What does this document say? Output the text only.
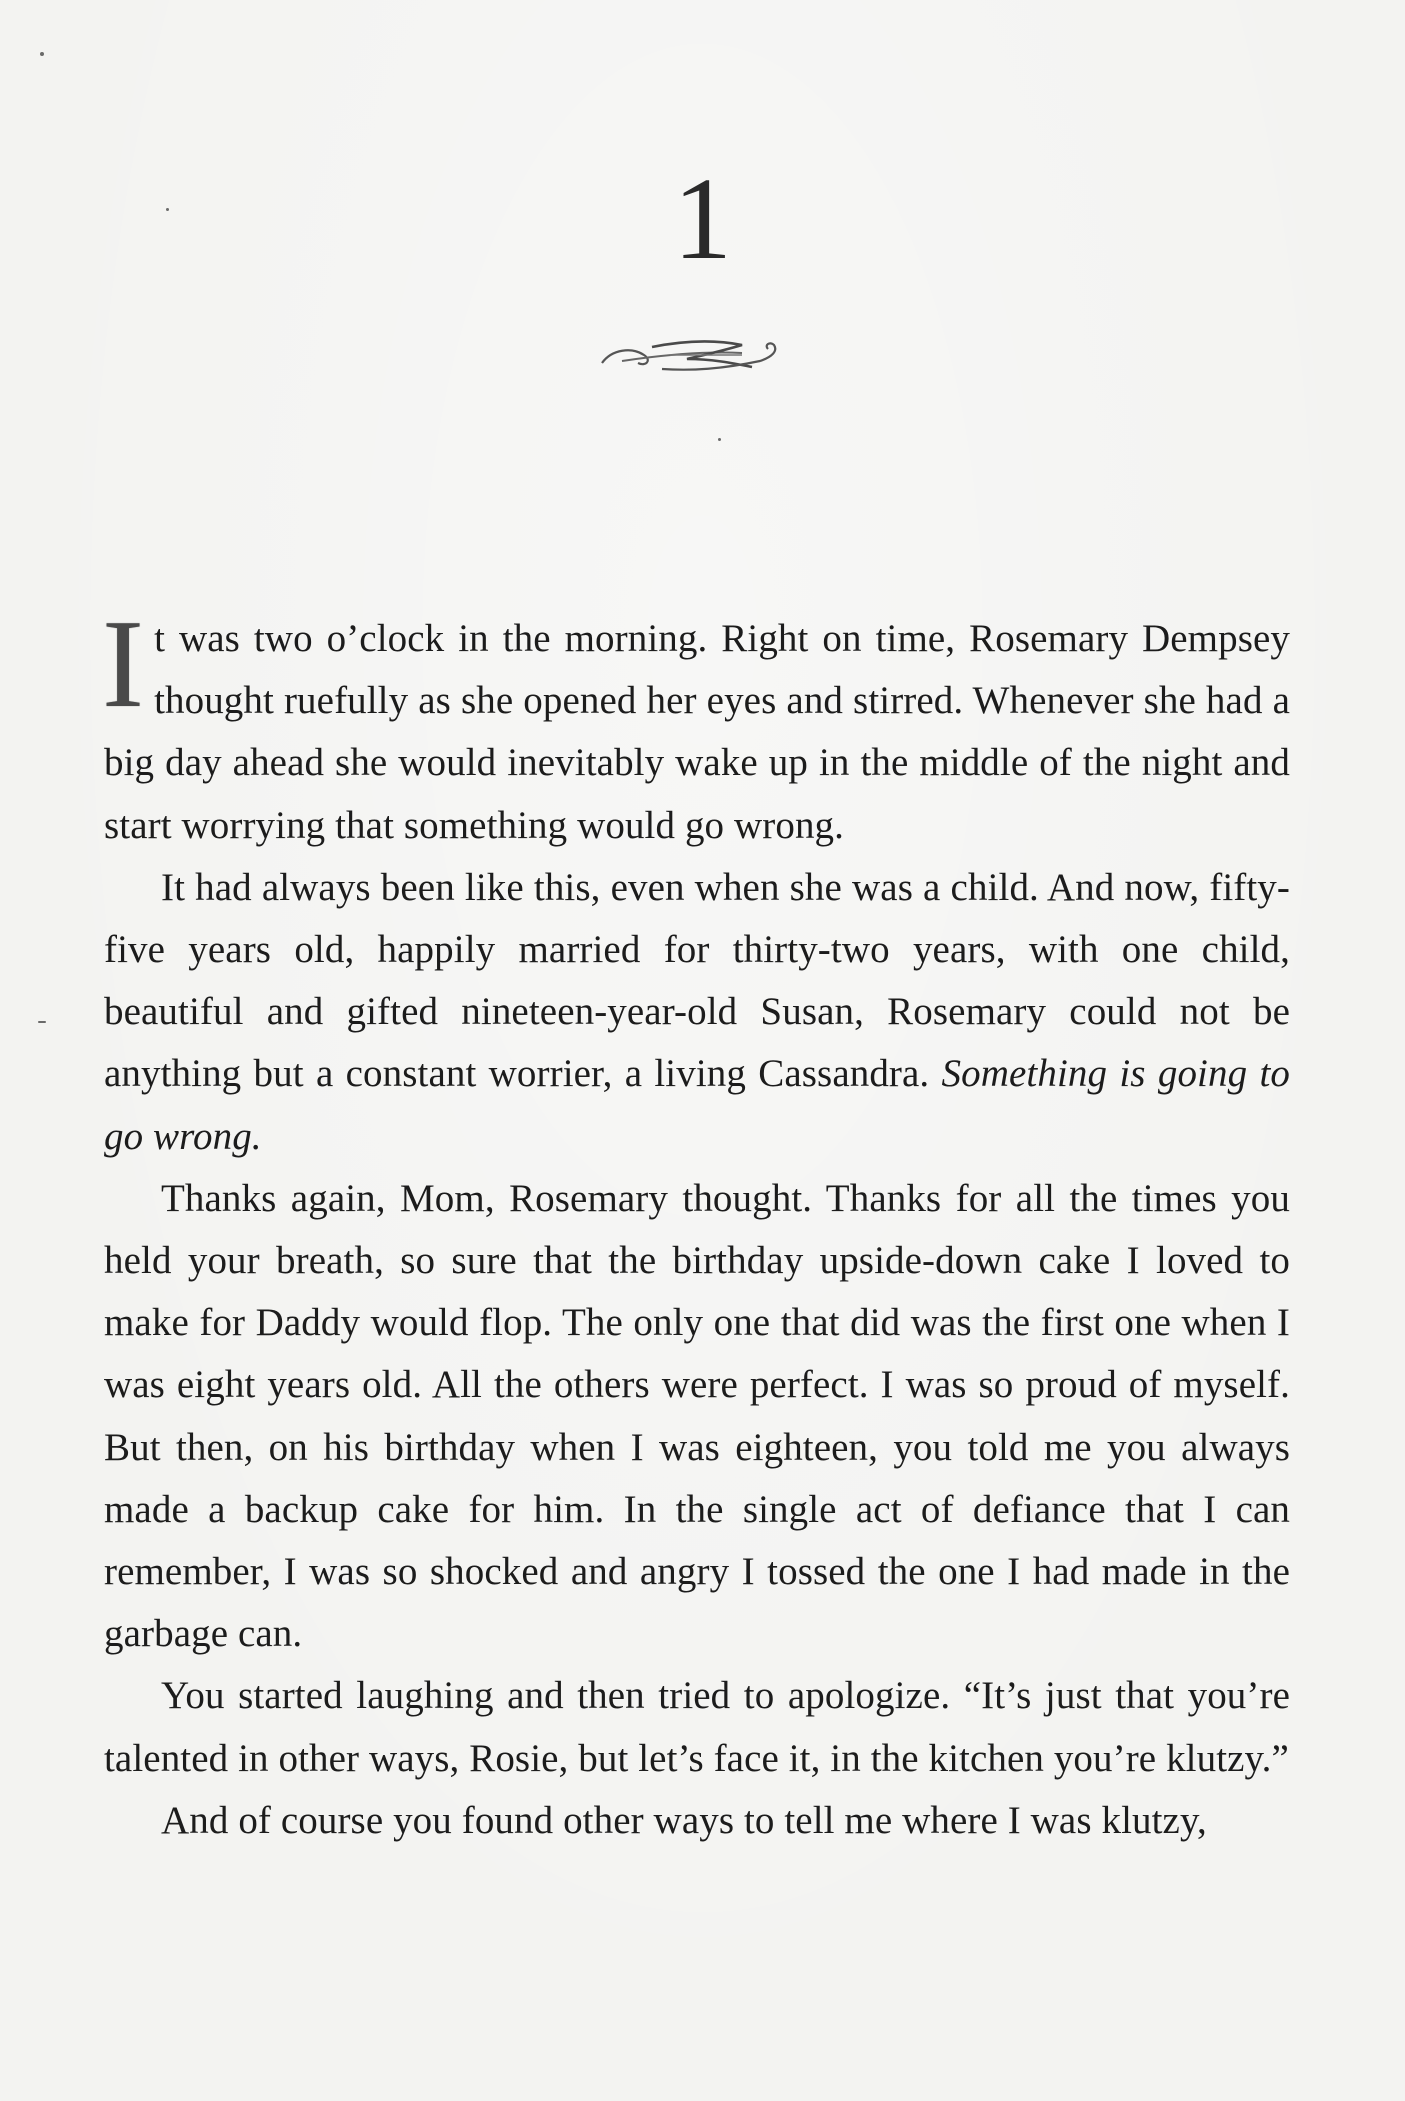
1

It was two o’clock in the morning. Right on time, Rosemary Dempsey thought ruefully as she opened her eyes and stirred. Whenever she had a big day ahead she would inevitably wake up in the middle of the night and start worrying that something would go wrong.

It had always been like this, even when she was a child. And now, fifty-five years old, happily married for thirty-two years, with one child, beautiful and gifted nineteen-year-old Susan, Rosemary could not be anything but a constant worrier, a living Cassandra. Something is going to go wrong.

Thanks again, Mom, Rosemary thought. Thanks for all the times you held your breath, so sure that the birthday upside-down cake I loved to make for Daddy would flop. The only one that did was the first one when I was eight years old. All the others were perfect. I was so proud of myself. But then, on his birthday when I was eighteen, you told me you always made a backup cake for him. In the single act of defiance that I can remember, I was so shocked and angry I tossed the one I had made in the garbage can.

You started laughing and then tried to apologize. “It’s just that you’re talented in other ways, Rosie, but let’s face it, in the kitchen you’re klutzy.”

And of course you found other ways to tell me where I was klutzy,
